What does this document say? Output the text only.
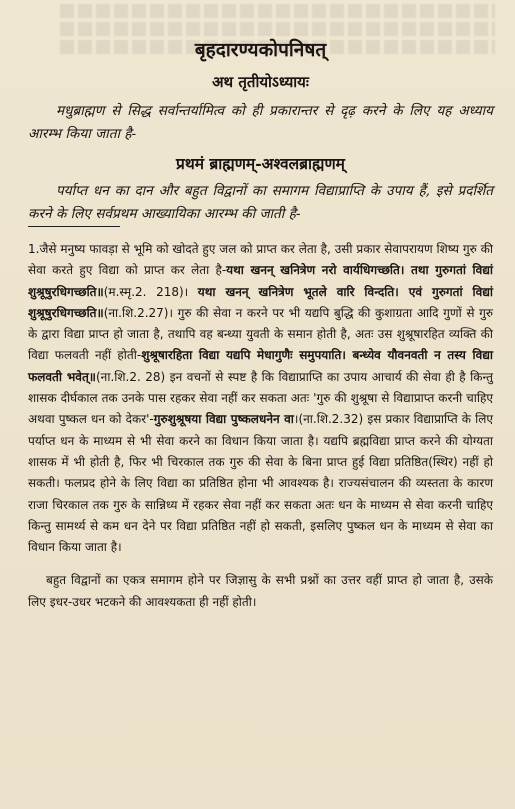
बृहदारण्यकोपनिषत्
अथ तृतीयोऽध्यायः

मधुब्राह्मण से सिद्ध सर्वान्तर्यामित्व को ही प्रकारान्तर से दृढ़ करने के लिए यह अध्याय आरम्भ किया जाता है-

प्रथमं ब्राह्मणम्-अश्वलब्राह्मणम्

पर्याप्त धन का दान और बहुत विद्वानों का समागम विद्याप्राप्ति के उपाय हैं, इसे प्रदर्शित करने के लिए सर्वप्रथम आख्यायिका आरम्भ की जाती है-

1.जैसे मनुष्य फावड़ा से भूमि को खोदते हुए जल को प्राप्त कर लेता है, उसी प्रकार सेवापरायण शिष्य गुरु की सेवा करते हुए विद्या को प्राप्त कर लेता है-यथा खनन् खनित्रेण नरो वार्यधिगच्छति। तथा गुरुगतां विद्यां शुश्रूषुरधिगच्छति॥(म.स्मृ.2. 218)। यथा खनन् खनित्रेण भूतले वारि विन्दति। एवं गुरुगतां विद्यां शुश्रूषुरधिगच्छति॥(ना.शि.2.27)। गुरु की सेवा न करने पर भी यद्यपि बुद्धि की कुशाग्रता आदि गुणों से गुरु के द्वारा विद्या प्राप्त हो जाता है, तथापि वह बन्ध्या युवती के समान होती है, अतः उस शुश्रूषारहित व्यक्ति की विद्या फलवती नहीं होती-शुश्रूषारहिता विद्या यद्यपि मेधागुणैः समुपयाति। बन्ध्येव यौवनवती न तस्य विद्या फलवती भवेत्॥(ना.शि.2. 28) इन वचनों से स्पष्ट है कि विद्याप्राप्ति का उपाय आचार्य की सेवा ही है किन्तु शासक दीर्घकाल तक उनके पास रहकर सेवा नहीं कर सकता अतः 'गुरु की शुश्रूषा से विद्याप्राप्त करनी चाहिए अथवा पुष्कल धन को देकर'-गुरुशुश्रूषया विद्या पुष्कलधनेन वा।(ना.शि.2.32) इस प्रकार विद्याप्राप्ति के लिए पर्याप्त धन के माध्यम से भी सेवा करने का विधान किया जाता है। यद्यपि ब्रह्मविद्या प्राप्त करने की योग्यता शासक में भी होती है, फिर भी चिरकाल तक गुरु की सेवा के बिना प्राप्त हुई विद्या प्रतिष्ठित(स्थिर) नहीं हो सकती। फलप्रद होने के लिए विद्या का प्रतिष्ठित होना भी आवश्यक है। राज्यसंचालन की व्यस्तता के कारण राजा चिरकाल तक गुरु के सान्निध्य में रहकर सेवा नहीं कर सकता अतः धन के माध्यम से सेवा करनी चाहिए किन्तु सामर्थ्य से कम धन देने पर विद्या प्रतिष्ठित नहीं हो सकती, इसलिए पुष्कल धन के माध्यम से सेवा का विधान किया जाता है।

बहुत विद्वानों का एकत्र समागम होने पर जिज्ञासु के सभी प्रश्नों का उत्तर वहीं प्राप्त हो जाता है, उसके लिए इधर-उधर भटकने की आवश्यकता ही नहीं होती।
